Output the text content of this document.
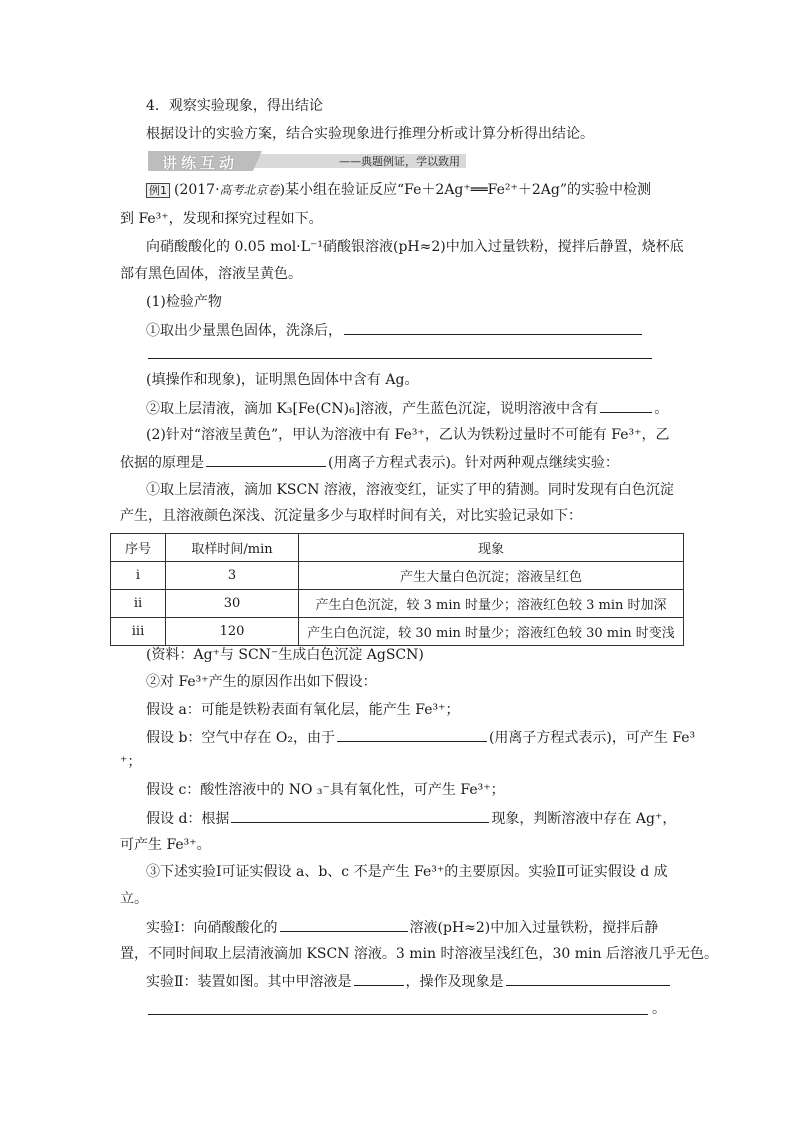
4．观察实验现象，得出结论
根据设计的实验方案，结合实验现象进行推理分析或计算分析得出结论。
讲练互动	——典题例证，学以致用
例1 (2017·高考北京卷)某小组在验证反应“Fe＋2Ag⁺══Fe²⁺＋2Ag”的实验中检测
到 Fe³⁺，发现和探究过程如下。
向硝酸酸化的 0.05 mol·L⁻¹硝酸银溶液(pH≈2)中加入过量铁粉，搅拌后静置，烧杯底
部有黑色固体，溶液呈黄色。
(1)检验产物
①取出少量黑色固体，洗涤后，
(填操作和现象)，证明黑色固体中含有 Ag。
②取上层清液，滴加 K₃[Fe(CN)₆]溶液，产生蓝色沉淀，说明溶液中含有	。
(2)针对“溶液呈黄色”，甲认为溶液中有 Fe³⁺，乙认为铁粉过量时不可能有 Fe³⁺，乙
依据的原理是	(用离子方程式表示)。针对两种观点继续实验：
①取上层清液，滴加 KSCN 溶液，溶液变红，证实了甲的猜测。同时发现有白色沉淀
产生，且溶液颜色深浅、沉淀量多少与取样时间有关，对比实验记录如下：
序号	取样时间/min	现象
i	3	产生大量白色沉淀；溶液呈红色
ii	30	产生白色沉淀，较 3 min 时量少；溶液红色较 3 min 时加深
iii	120	产生白色沉淀，较 30 min 时量少；溶液红色较 30 min 时变浅
(资料：Ag⁺与 SCN⁻生成白色沉淀 AgSCN)
②对 Fe³⁺产生的原因作出如下假设：
假设 a：可能是铁粉表面有氧化层，能产生 Fe³⁺；
假设 b：空气中存在 O₂，由于	(用离子方程式表示)，可产生 Fe³
⁺；
假设 c：酸性溶液中的 NO ₃⁻具有氧化性，可产生 Fe³⁺；
假设 d：根据	现象，判断溶液中存在 Ag⁺，
可产生 Fe³⁺。
③下述实验Ⅰ可证实假设 a、b、c 不是产生 Fe³⁺的主要原因。实验Ⅱ可证实假设 d 成
立。
实验Ⅰ：向硝酸酸化的	溶液(pH≈2)中加入过量铁粉，搅拌后静
置，不同时间取上层清液滴加 KSCN 溶液。3 min 时溶液呈浅红色，30 min 后溶液几乎无色。
实验Ⅱ：装置如图。其中甲溶液是	，操作及现象是
。
